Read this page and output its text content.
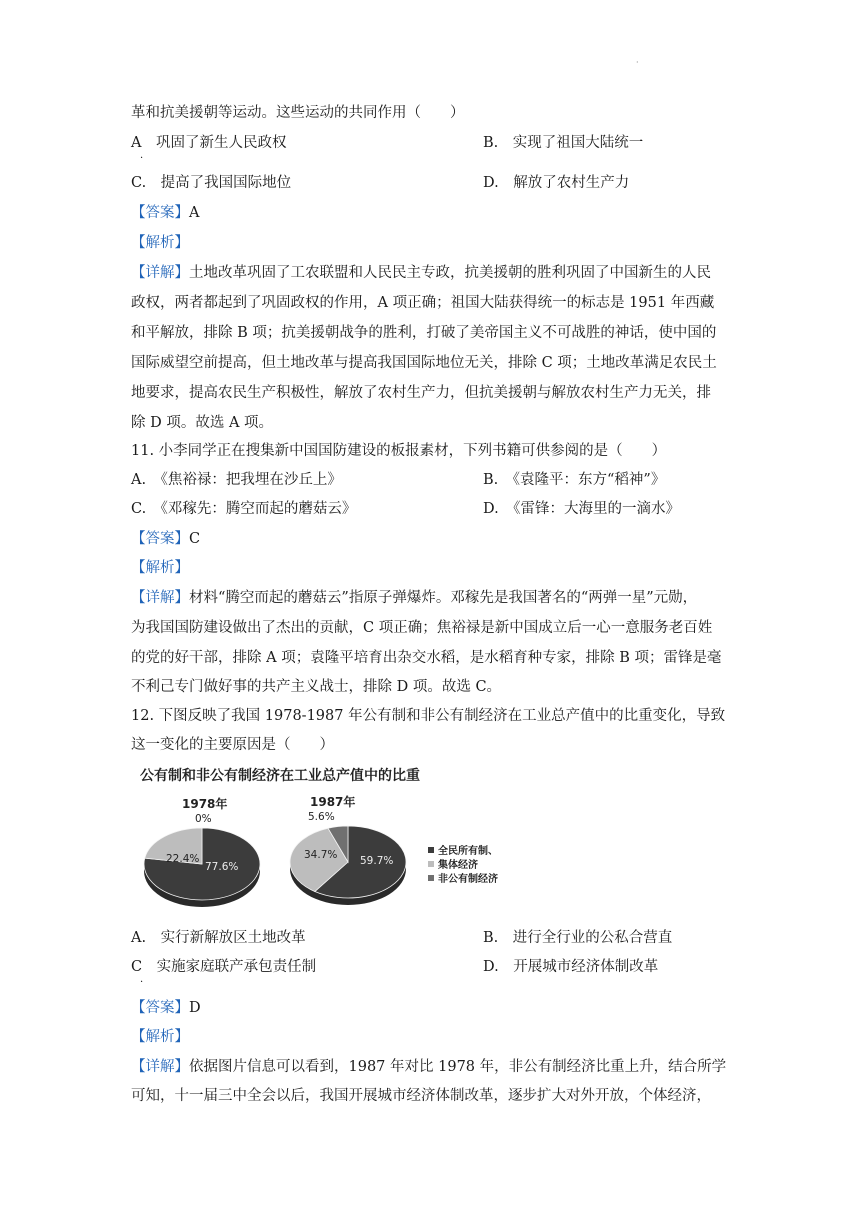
·
革和抗美援朝等运动。这些运动的共同作用（　　）
A　巩固了新生人民政权	B.　实现了祖国大陆统一
·
C.　提高了我国国际地位	D.　解放了农村生产力
【答案】A
【解析】
【详解】土地改革巩固了工农联盟和人民民主专政，抗美援朝的胜利巩固了中国新生的人民
政权，两者都起到了巩固政权的作用，A 项正确；祖国大陆获得统一的标志是 1951 年西藏
和平解放，排除 B 项；抗美援朝战争的胜利，打破了美帝国主义不可战胜的神话，使中国的
国际威望空前提高，但土地改革与提高我国国际地位无关，排除 C 项；土地改革满足农民土
地要求，提高农民生产积极性，解放了农村生产力，但抗美援朝与解放农村生产力无关，排
除 D 项。故选 A 项。
11. 小李同学正在搜集新中国国防建设的板报素材，下列书籍可供参阅的是（　　）
A.　《焦裕禄：把我埋在沙丘上》	B.　《袁隆平：东方“稻神”》
C.　《邓稼先：腾空而起的蘑菇云》	D.　《雷锋：大海里的一滴水》
【答案】C
【解析】
【详解】材料“腾空而起的蘑菇云”指原子弹爆炸。邓稼先是我国著名的“两弹一星”元勋，
为我国国防建设做出了杰出的贡献，C 项正确；焦裕禄是新中国成立后一心一意服务老百姓
的党的好干部，排除 A 项；袁隆平培育出杂交水稻，是水稻育种专家，排除 B 项；雷锋是毫
不利己专门做好事的共产主义战士，排除 D 项。故选 C。
12. 下图反映了我国 1978-1987 年公有制和非公有制经济在工业总产值中的比重变化，导致
这一变化的主要原因是（　　）
公有制和非公有制经济在工业总产值中的比重
1978年	1987年
77.6%
22.4%
0%
59.7%
34.7%
5.6%
全民所有制、
集体经济
非公有制经济
A.　实行新解放区土地改革	B.　进行全行业的公私合营直
C　实施家庭联产承包责任制	D.　开展城市经济体制改革
·
【答案】D
【解析】
【详解】依据图片信息可以看到，1987 年对比 1978 年，非公有制经济比重上升，结合所学
可知，十一届三中全会以后，我国开展城市经济体制改革，逐步扩大对外开放，个体经济，
